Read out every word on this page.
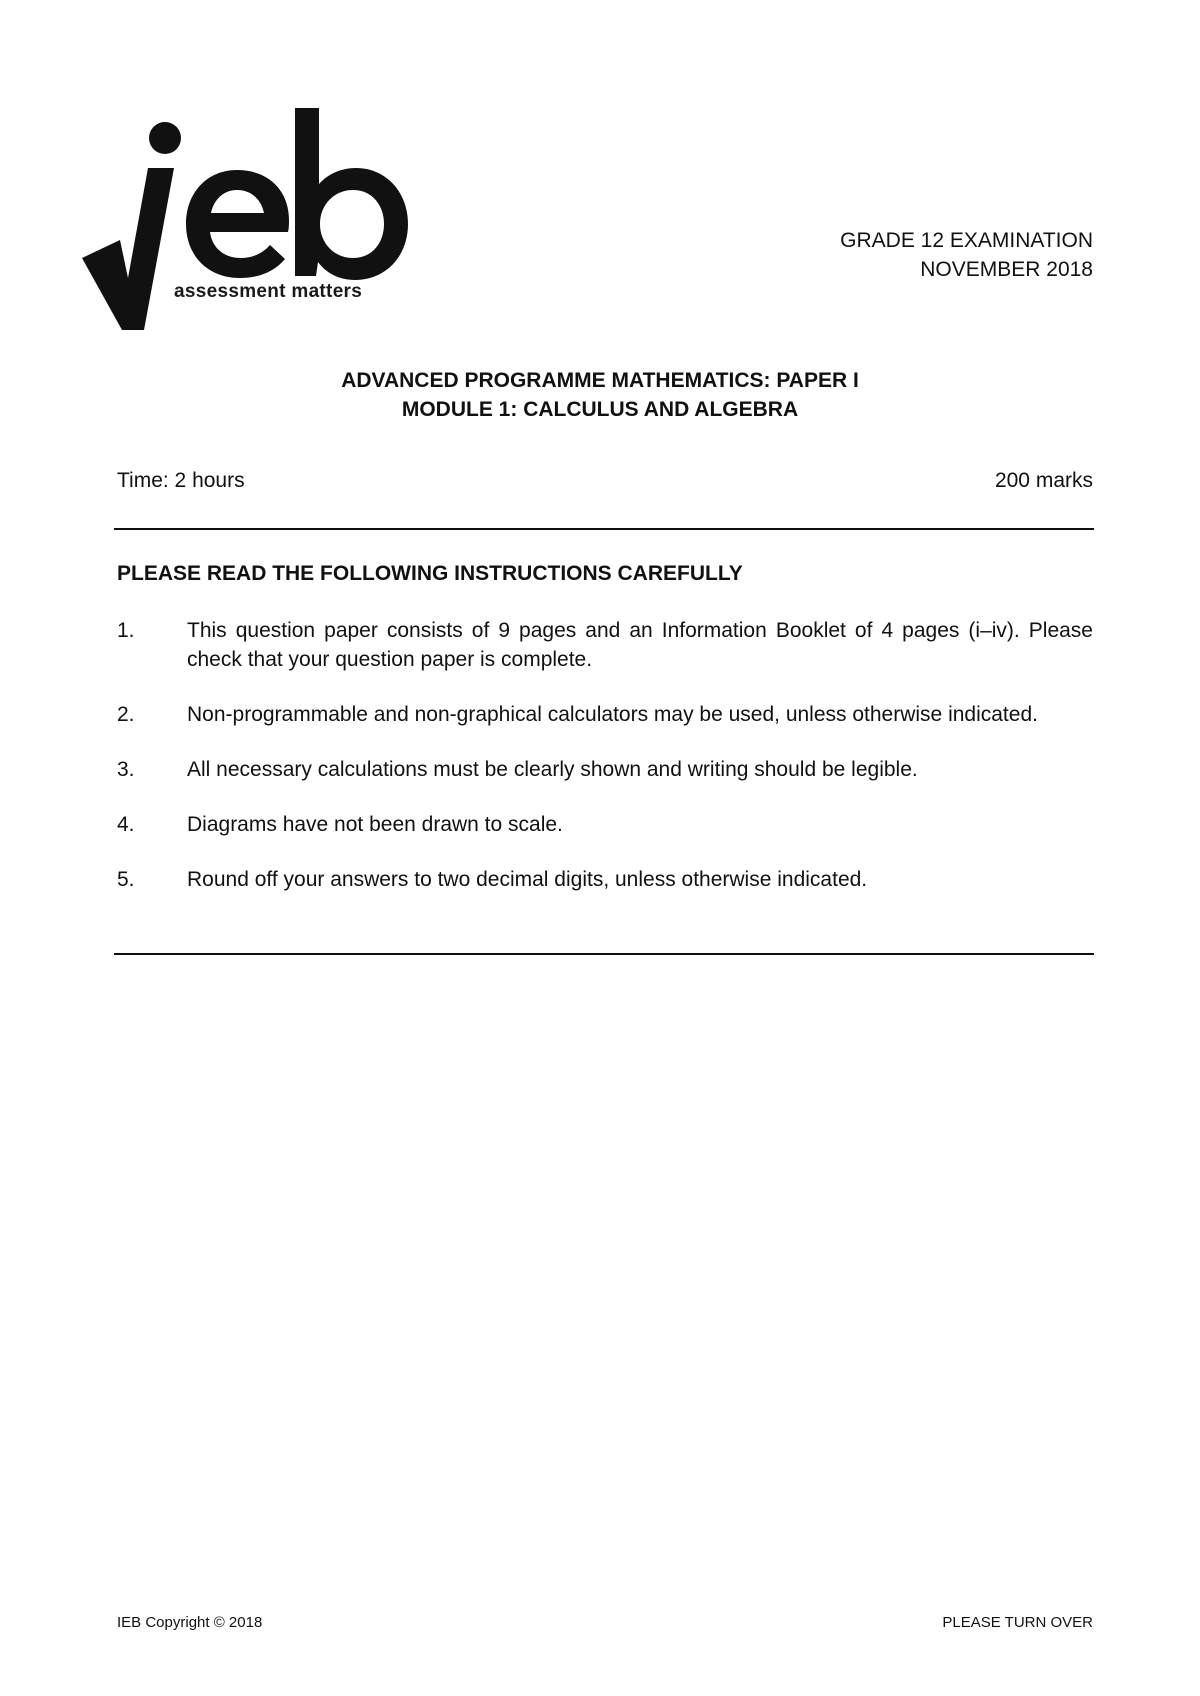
assessment matters
GRADE 12 EXAMINATION
NOVEMBER 2018
ADVANCED PROGRAMME MATHEMATICS: PAPER I
MODULE 1: CALCULUS AND ALGEBRA
Time: 2 hours	200 marks
PLEASE READ THE FOLLOWING INSTRUCTIONS CAREFULLY
1.	This question paper consists of 9 pages and an Information Booklet of 4 pages (i–iv). Please check that your question paper is complete.
2.	Non-programmable and non-graphical calculators may be used, unless otherwise indicated.
3.	All necessary calculations must be clearly shown and writing should be legible.
4.	Diagrams have not been drawn to scale.
5.	Round off your answers to two decimal digits, unless otherwise indicated.
IEB Copyright © 2018	PLEASE TURN OVER
